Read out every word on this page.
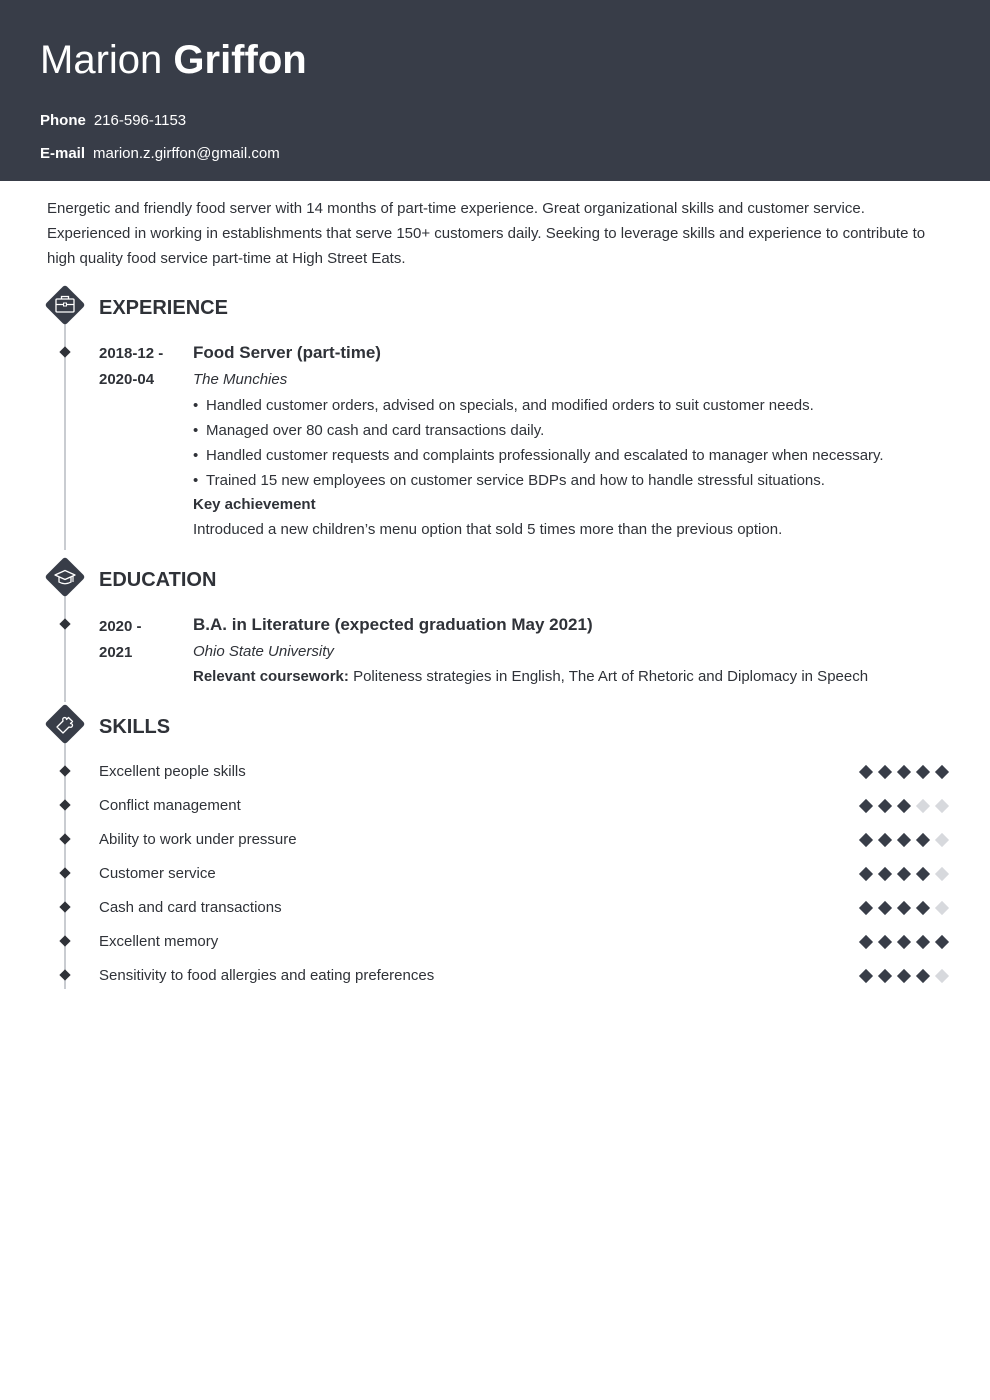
Marion Griffon
Phone 216-596-1153
E-mail marion.z.girffon@gmail.com
Energetic and friendly food server with 14 months of part-time experience. Great organizational skills and customer service. Experienced in working in establishments that serve 150+ customers daily. Seeking to leverage skills and experience to contribute to high quality food service part-time at High Street Eats.
EXPERIENCE
2018-12 -
2020-04
Food Server (part-time)
The Munchies
• Handled customer orders, advised on specials, and modified orders to suit customer needs.
• Managed over 80 cash and card transactions daily.
• Handled customer requests and complaints professionally and escalated to manager when necessary.
• Trained 15 new employees on customer service BDPs and how to handle stressful situations.
Key achievement
Introduced a new children’s menu option that sold 5 times more than the previous option.
EDUCATION
2020 -
2021
B.A. in Literature (expected graduation May 2021)
Ohio State University
Relevant coursework: Politeness strategies in English, The Art of Rhetoric and Diplomacy in Speech
SKILLS
Excellent people skills
Conflict management
Ability to work under pressure
Customer service
Cash and card transactions
Excellent memory
Sensitivity to food allergies and eating preferences
